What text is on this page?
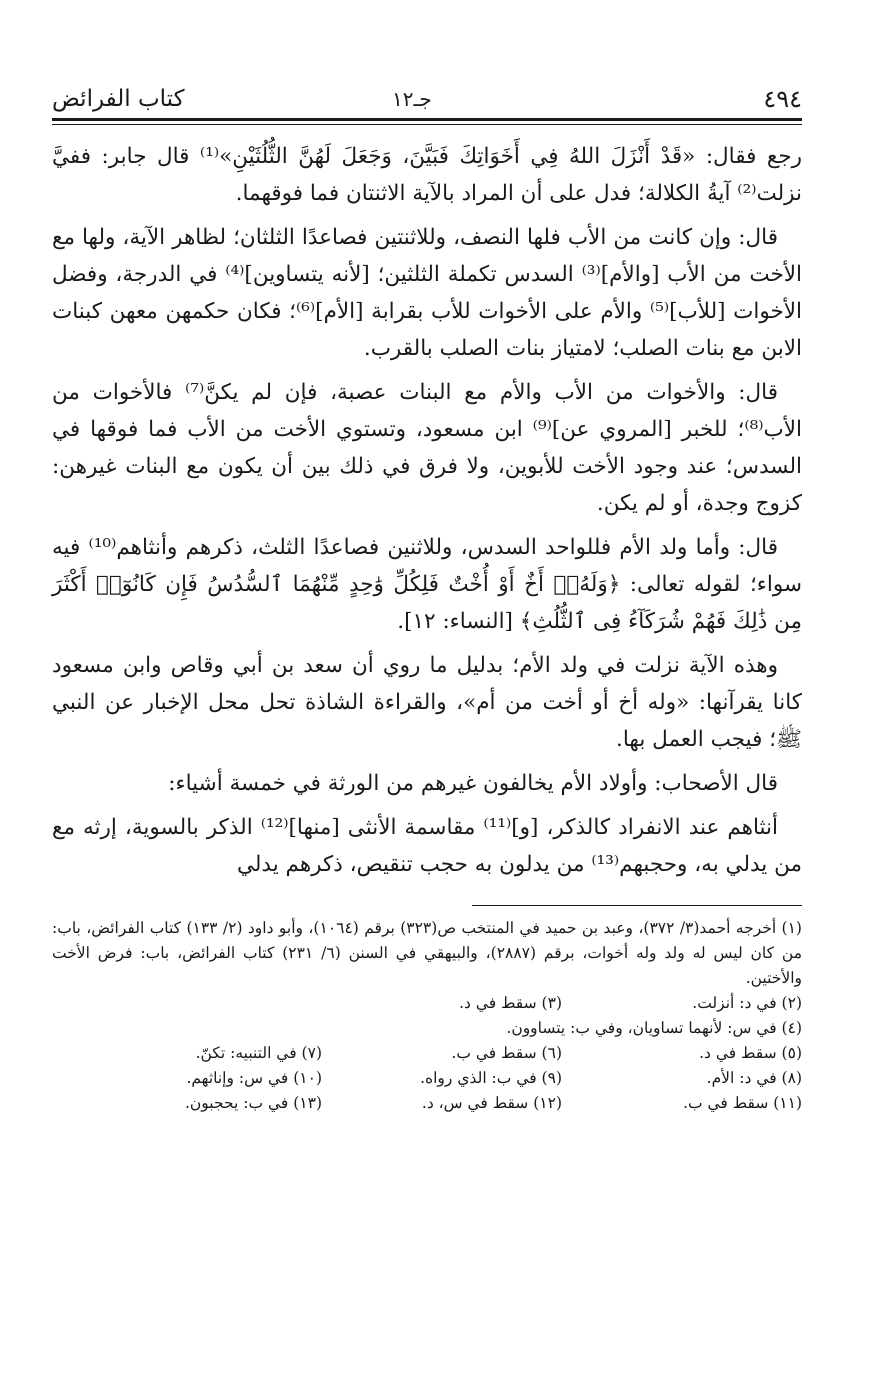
٤٩٤
جـ١٢
كتاب الفرائض

رجع فقال: «قَدْ أَنْزَلَ اللهُ فِي أَخَوَاتِكَ فَبَيَّنَ، وَجَعَلَ لَهُنَّ الثُّلُثَيْنِ»⁽¹⁾ قال جابر: ففيَّ نزلت⁽²⁾ آيةُ الكلالة؛ فدل على أن المراد بالآية الاثنتان فما فوقهما.

قال: وإن كانت من الأب فلها النصف، وللاثنتين فصاعدًا الثلثان؛ لظاهر الآية، ولها مع الأخت من الأب [والأم]⁽³⁾ السدس تكملة الثلثين؛ [لأنه يتساوين]⁽⁴⁾ في الدرجة، وفضل الأخوات [للأب]⁽⁵⁾ والأم على الأخوات للأب بقرابة [الأم]⁽⁶⁾؛ فكان حكمهن معهن كبنات الابن مع بنات الصلب؛ لامتياز بنات الصلب بالقرب.

قال: والأخوات من الأب والأم مع البنات عصبة، فإن لم يكنَّ⁽⁷⁾ فالأخوات من الأب⁽⁸⁾؛ للخبر [المروي عن]⁽⁹⁾ ابن مسعود، وتستوي الأخت من الأب فما فوقها في السدس؛ عند وجود الأخت للأبوين، ولا فرق في ذلك بين أن يكون مع البنات غيرهن: كزوج وجدة، أو لم يكن.

قال: وأما ولد الأم فللواحد السدس، وللاثنين فصاعدًا الثلث، ذكرهم وأنثاهم⁽¹⁰⁾ فيه سواء؛ لقوله تعالى: ﴿وَلَهُۥٓ أَخٌ أَوْ أُخْتٌ فَلِكُلِّ وَٰحِدٍ مِّنْهُمَا ٱلسُّدُسُ فَإِن كَانُوٓا۟ أَكْثَرَ مِن ذَٰلِكَ فَهُمْ شُرَكَآءُ فِى ٱلثُّلُثِ﴾ [النساء: ١٢].

وهذه الآية نزلت في ولد الأم؛ بدليل ما روي أن سعد بن أبي وقاص وابن مسعود كانا يقرآنها: «وله أخ أو أخت من أم»، والقراءة الشاذة تحل محل الإخبار عن النبي ﷺ؛ فيجب العمل بها.

قال الأصحاب: وأولاد الأم يخالفون غيرهم من الورثة في خمسة أشياء:

أنثاهم عند الانفراد كالذكر، [و]⁽¹¹⁾ مقاسمة الأنثى [منها]⁽¹²⁾ الذكر بالسوية، إرثه مع من يدلي به، وحجبهم⁽¹³⁾ من يدلون به حجب تنقيص، ذكرهم يدلي

(١) أخرجه أحمد(٣/ ٣٧٢)، وعبد بن حميد في المنتخب ص(٣٢٣) برقم (١٠٦٤)، وأبو داود (٢/ ١٣٣) كتاب الفرائض، باب: من كان ليس له ولد وله أخوات، برقم (٢٨٨٧)، والبيهقي في السنن (٦/ ٢٣١) كتاب الفرائض، باب: فرض الأخت والأختين.

(٢) في د: أنزلت.
(٣) سقط في د.
(٤) في س: لأنهما تساويان، وفي ب: يتساوون.
(٥) سقط في د.
(٦) سقط في ب.
(٧) في التنبيه: تكنّ.
(٨) في د: الأم.
(٩) في ب: الذي رواه.
(١٠) في س: وإناثهم.
(١١) سقط في ب.
(١٢) سقط في س، د.
(١٣) في ب: يحجبون.
